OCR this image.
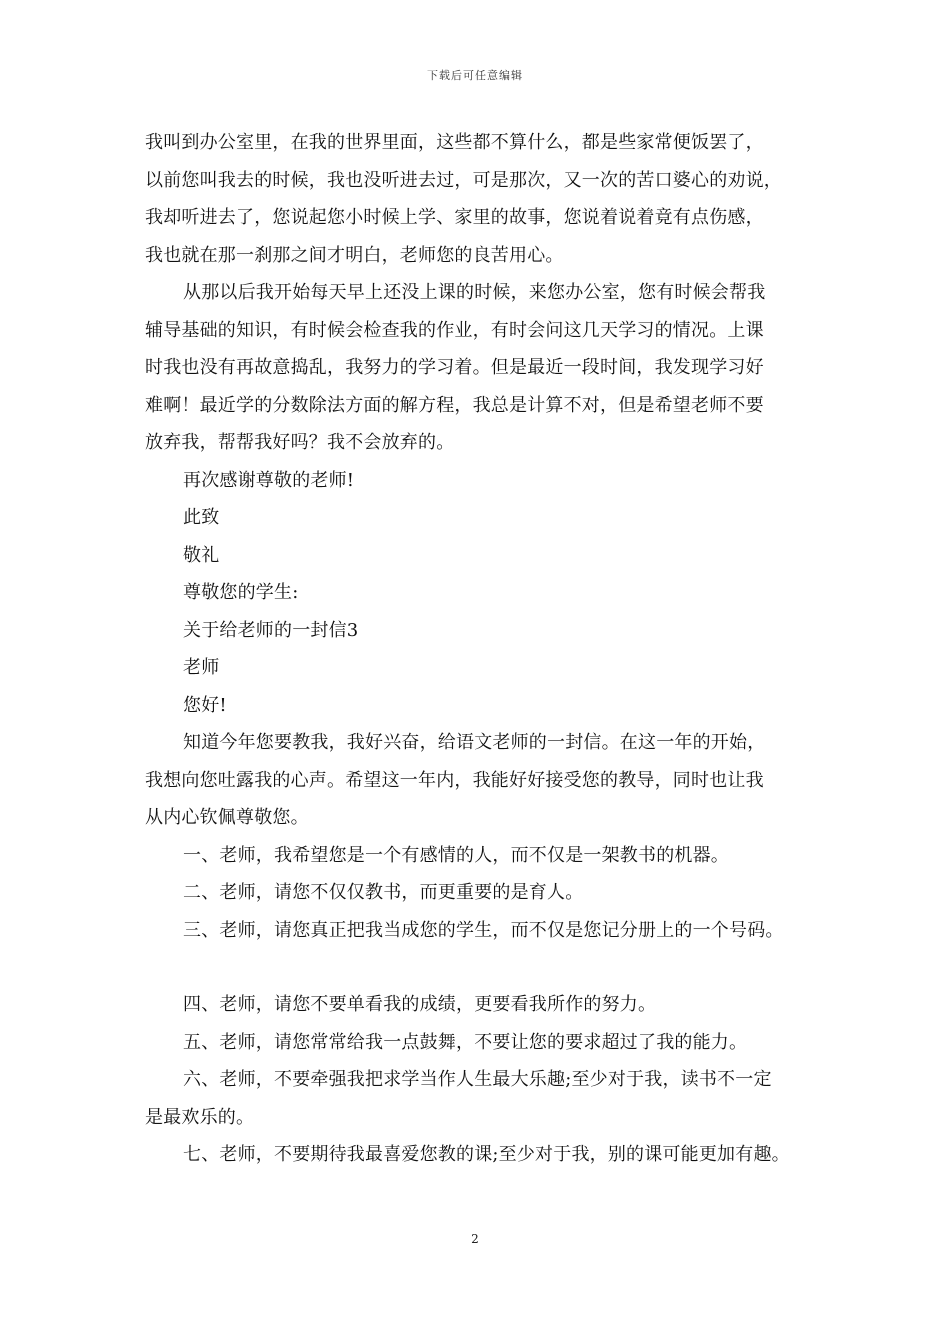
下载后可任意编辑
我叫到办公室里，在我的世界里面，这些都不算什么，都是些家常便饭罢了，
以前您叫我去的时候，我也没听进去过，可是那次，又一次的苦口婆心的劝说，
我却听进去了，您说起您小时候上学、家里的故事，您说着说着竟有点伤感，
我也就在那一刹那之间才明白，老师您的良苦用心。
从那以后我开始每天早上还没上课的时候，来您办公室，您有时候会帮我
辅导基础的知识，有时候会检查我的作业，有时会问这几天学习的情况。上课
时我也没有再故意捣乱，我努力的学习着。但是最近一段时间，我发现学习好
难啊！最近学的分数除法方面的解方程，我总是计算不对，但是希望老师不要
放弃我，帮帮我好吗？我不会放弃的。
再次感谢尊敬的老师!
此致
敬礼
尊敬您的学生:
关于给老师的一封信3
老师
您好!
知道今年您要教我，我好兴奋，给语文老师的一封信。在这一年的开始，
我想向您吐露我的心声。希望这一年内，我能好好接受您的教导，同时也让我
从内心钦佩尊敬您。
一、老师，我希望您是一个有感情的人，而不仅是一架教书的机器。
二、老师，请您不仅仅教书，而更重要的是育人。
三、老师，请您真正把我当成您的学生，而不仅是您记分册上的一个号码。
四、老师，请您不要单看我的成绩，更要看我所作的努力。
五、老师，请您常常给我一点鼓舞，不要让您的要求超过了我的能力。
六、老师，不要牵强我把求学当作人生最大乐趣;至少对于我，读书不一定
是最欢乐的。
七、老师，不要期待我最喜爱您教的课;至少对于我，别的课可能更加有趣。
2
